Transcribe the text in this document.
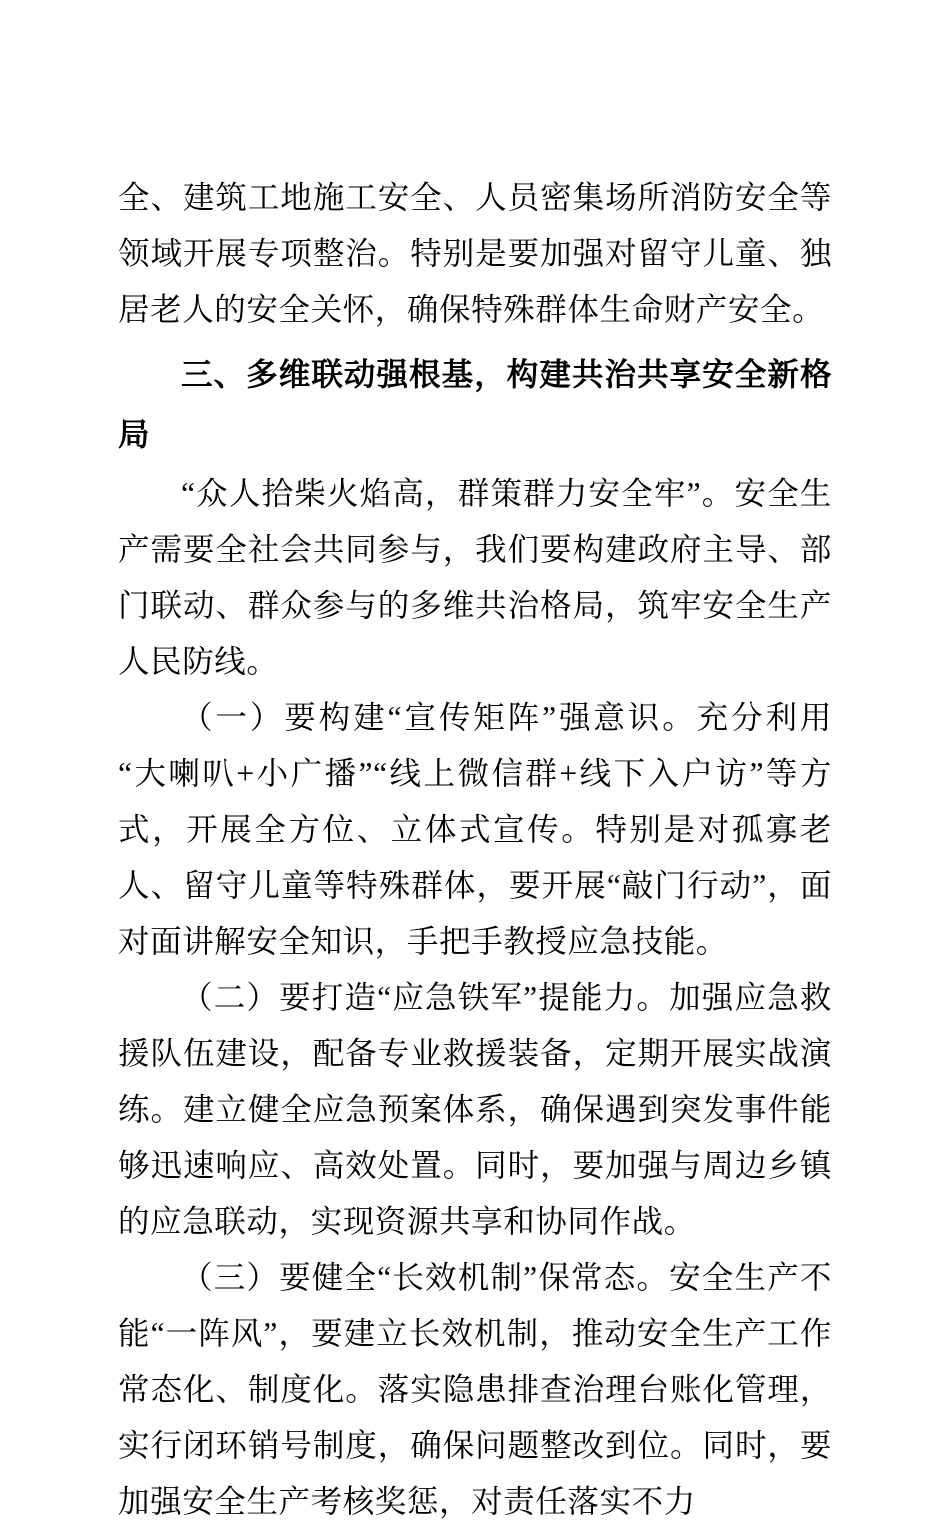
全、建筑工地施工安全、人员密集场所消防安全等领域开展专项整治。特别是要加强对留守儿童、独居老人的安全关怀，确保特殊群体生命财产安全。

三、多维联动强根基，构建共治共享安全新格局

“众人拾柴火焰高，群策群力安全牢”。安全生产需要全社会共同参与，我们要构建政府主导、部门联动、群众参与的多维共治格局，筑牢安全生产人民防线。

（一）要构建“宣传矩阵”强意识。充分利用“大喇叭+小广播”“线上微信群+线下入户访”等方式，开展全方位、立体式宣传。特别是对孤寡老人、留守儿童等特殊群体，要开展“敲门行动”，面对面讲解安全知识，手把手教授应急技能。

（二）要打造“应急铁军”提能力。加强应急救援队伍建设，配备专业救援装备，定期开展实战演练。建立健全应急预案体系，确保遇到突发事件能够迅速响应、高效处置。同时，要加强与周边乡镇的应急联动，实现资源共享和协同作战。

（三）要健全“长效机制”保常态。安全生产不能“一阵风”，要建立长效机制，推动安全生产工作常态化、制度化。落实隐患排查治理台账化管理，实行闭环销号制度，确保问题整改到位。同时，要加强安全生产考核奖惩，对责任落实不力
